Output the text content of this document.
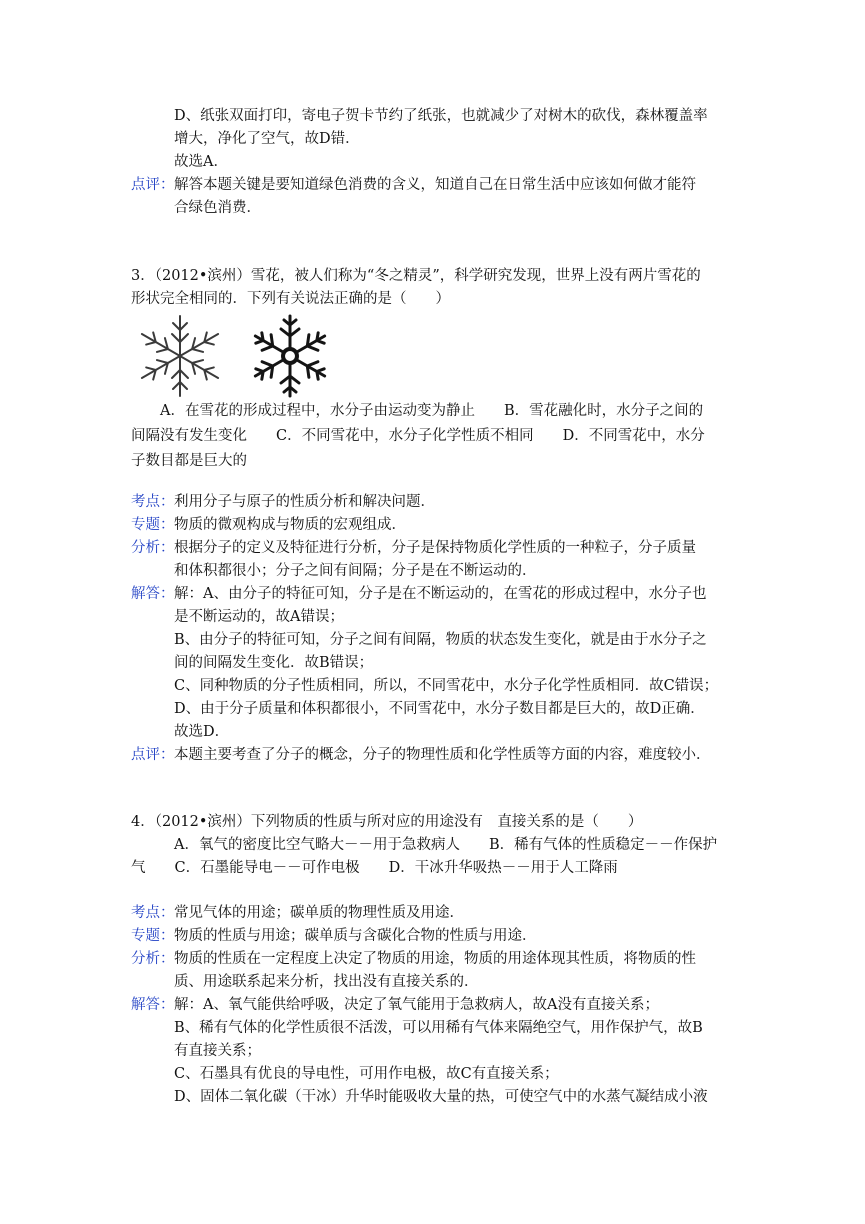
D、纸张双面打印，寄电子贺卡节约了纸张，也就减少了对树木的砍伐，森林覆盖率
增大，净化了空气，故D错．
故选A．
点评： 解答本题关键是要知道绿色消费的含义，知道自己在日常生活中应该如何做才能符
合绿色消费．
3．（2012•滨州）雪花，被人们称为“冬之精灵”，科学研究发现，世界上没有两片雪花的
形状完全相同的．下列有关说法正确的是（　　）
A．在雪花的形成过程中，水分子由运动变为静止　　B．雪花融化时，水分子之间的
间隔没有发生变化　　C．不同雪花中，水分子化学性质不相同　　D．不同雪花中，水分
子数目都是巨大的
考点： 利用分子与原子的性质分析和解决问题．
专题： 物质的微观构成与物质的宏观组成．
分析： 根据分子的定义及特征进行分析，分子是保持物质化学性质的一种粒子，分子质量
和体积都很小；分子之间有间隔；分子是在不断运动的．
解答： 解：A、由分子的特征可知，分子是在不断运动的，在雪花的形成过程中，水分子也
是不断运动的，故A错误；
B、由分子的特征可知，分子之间有间隔，物质的状态发生变化，就是由于水分子之
间的间隔发生变化．故B错误；
C、同种物质的分子性质相同，所以，不同雪花中，水分子化学性质相同．故C错误；
D、由于分子质量和体积都很小，不同雪花中，水分子数目都是巨大的，故D正确．
故选D．
点评： 本题主要考查了分子的概念，分子的物理性质和化学性质等方面的内容，难度较小．
4．（2012•滨州）下列物质的性质与所对应的用途没有　直接关系的是（　　）
A．氧气的密度比空气略大－－用于急救病人　　B．稀有气体的性质稳定－－作保护
气　　C．石墨能导电－－可作电极　　D．干冰升华吸热－－用于人工降雨
考点： 常见气体的用途；碳单质的物理性质及用途．
专题： 物质的性质与用途；碳单质与含碳化合物的性质与用途．
分析： 物质的性质在一定程度上决定了物质的用途，物质的用途体现其性质，将物质的性
质、用途联系起来分析，找出没有直接关系的．
解答： 解：A、氧气能供给呼吸，决定了氧气能用于急救病人，故A没有直接关系；
B、稀有气体的化学性质很不活泼，可以用稀有气体来隔绝空气，用作保护气，故B
有直接关系；
C、石墨具有优良的导电性，可用作电极，故C有直接关系；
D、固体二氧化碳（干冰）升华时能吸收大量的热，可使空气中的水蒸气凝结成小液
